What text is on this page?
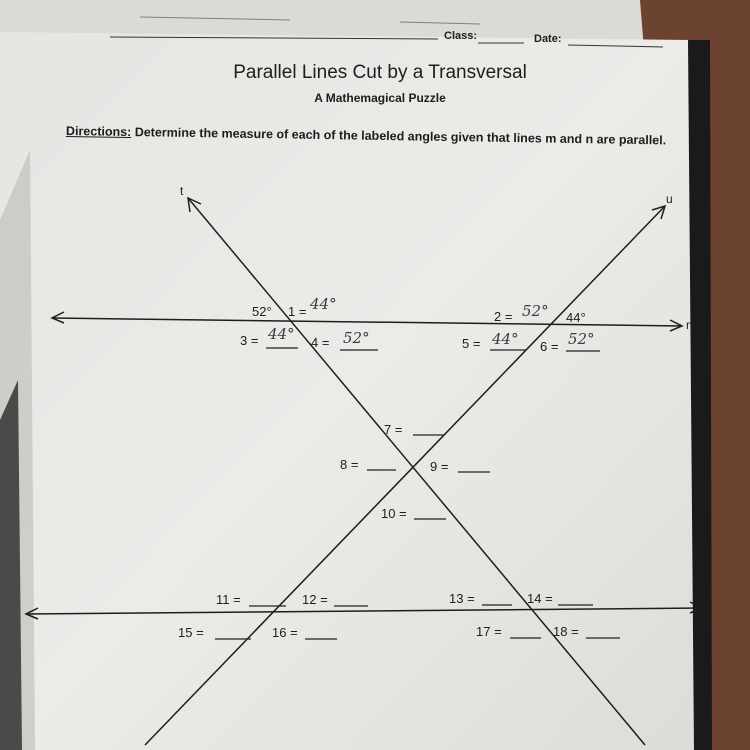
Class:	Date:
Parallel Lines Cut by a Transversal
A Mathemagical Puzzle
Directions: Determine the measure of each of the labeled angles given that lines m and n are parallel.
t
u
n
r
52°	44°
1 = 44°
2 = 52°
3 = 44° 4 = 52°	5 = 44° 6 = 52°
7 =
8 =	9 =
10 =
11 =	12 =	13 =	14 =
15 =	16 =	17 =	18 =
